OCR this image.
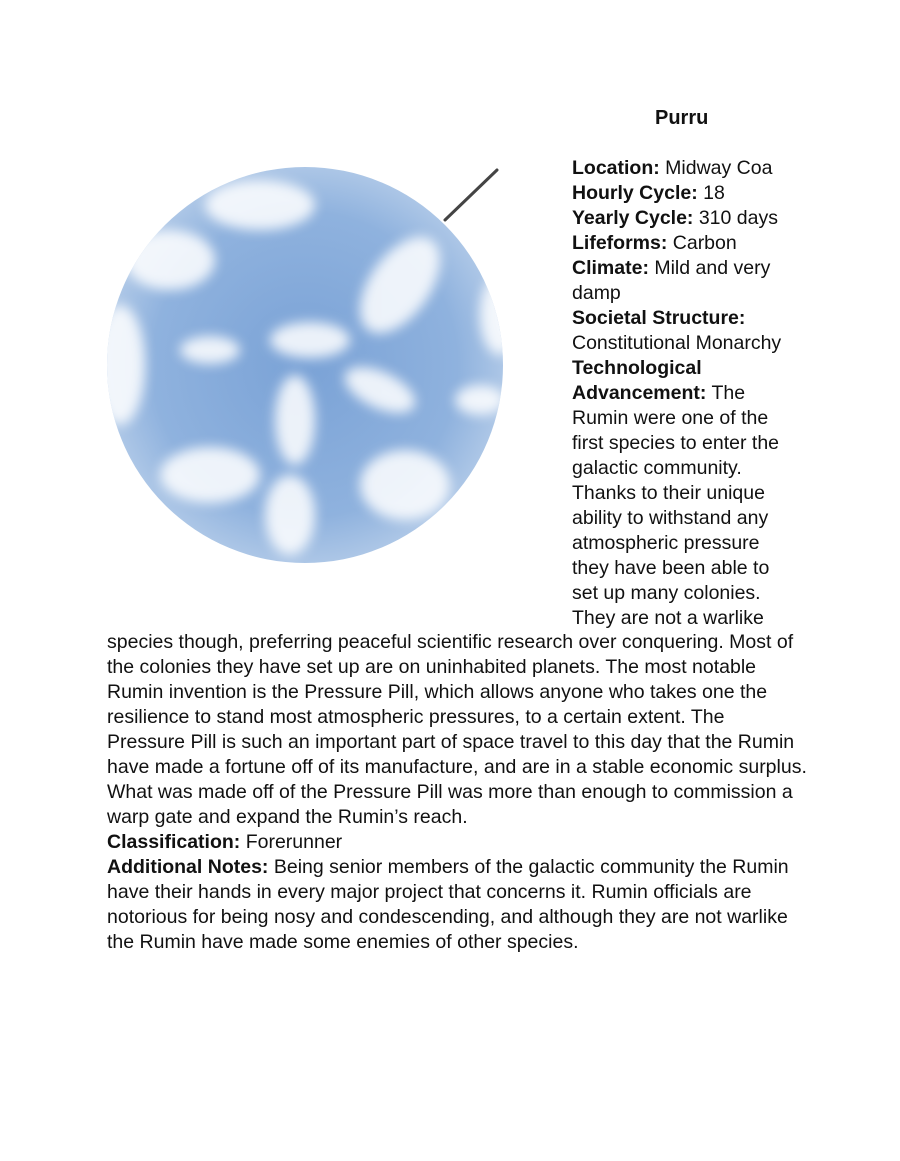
Purru

Location: Midway Coa

Hourly Cycle: 18

Yearly Cycle: 310 days

Lifeforms: Carbon

Climate: Mild and very damp

Societal Structure: Constitutional Monarchy

Technological Advancement: The Rumin were one of the first species to enter the galactic community. Thanks to their unique ability to withstand any atmospheric pressure they have been able to set up many colonies. They are not a warlike

species though, preferring peaceful scientific research over conquering. Most of the colonies they have set up are on uninhabited planets. The most notable Rumin invention is the Pressure Pill, which allows anyone who takes one the resilience to stand most atmospheric pressures, to a certain extent. The Pressure Pill is such an important part of space travel to this day that the Rumin have made a fortune off of its manufacture, and are in a stable economic surplus. What was made off of the Pressure Pill was more than enough to commission a warp gate and expand the Rumin’s reach.

Classification: Forerunner

Additional Notes: Being senior members of the galactic community the Rumin have their hands in every major project that concerns it. Rumin officials are notorious for being nosy and condescending, and although they are not warlike the Rumin have made some enemies of other species.
